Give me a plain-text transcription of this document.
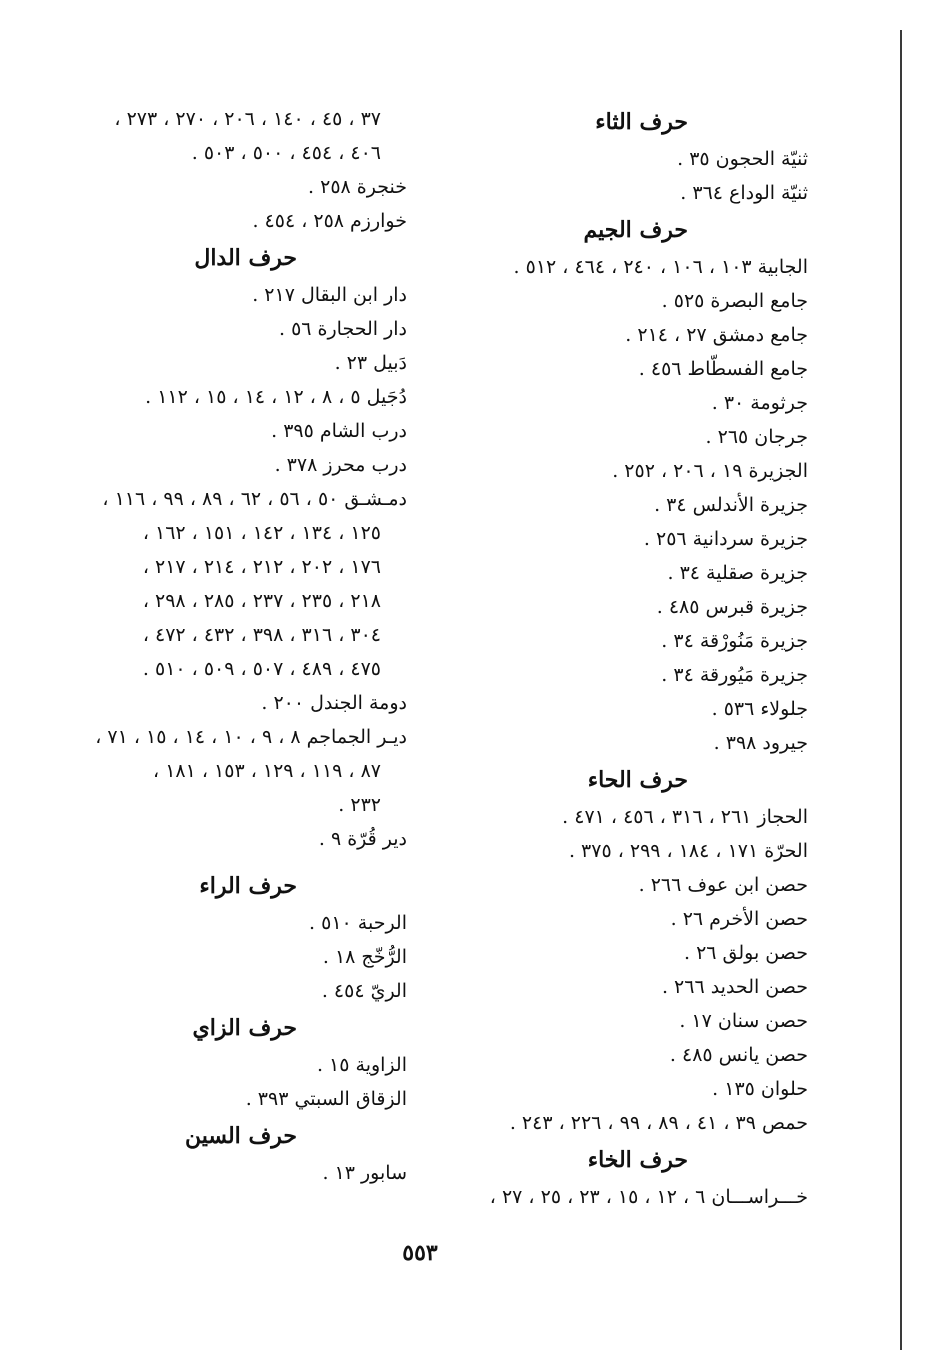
حرف الثاء
ثنيّة الحجون ٣٥ .
ثنيّة الوداع ٣٦٤ .
حرف الجيم
الجابية ١٠٣ ، ١٠٦ ، ٢٤٠ ، ٤٦٤ ، ٥١٢ .
جامع البصرة ٥٢٥ .
جامع دمشق ٢٧ ، ٢١٤ .
جامع الفسطّاط ٤٥٦ .
جرثومة ٣٠ .
جرجان ٢٦٥ .
الجزيرة ١٩ ، ٢٠٦ ، ٢٥٢ .
جزيرة الأندلس ٣٤ .
جزيرة سردانية ٢٥٦ .
جزيرة صقلية ٣٤ .
جزيرة قبرس ٤٨٥ .
جزيرة مَنُورْقة ٣٤ .
جزيرة مَيُورقة ٣٤ .
جلولاء ٥٣٦ .
جيرود ٣٩٨ .
حرف الحاء
الحجاز ٢٦١ ، ٣١٦ ، ٤٥٦ ، ٤٧١ .
الحرّة ١٧١ ، ١٨٤ ، ٢٩٩ ، ٣٧٥ .
حصن ابن عوف ٢٦٦ .
حصن الأخرم ٢٦ .
حصن بولق ٢٦ .
حصن الحديد ٢٦٦ .
حصن سنان ١٧ .
حصن يانس ٤٨٥ .
حلوان ١٣٥ .
حمص ٣٩ ، ٤١ ، ٨٩ ، ٩٩ ، ٢٢٦ ، ٢٤٣ .
حرف الخاء
خـــراســـان ٦ ، ١٢ ، ١٥ ، ٢٣ ، ٢٥ ، ٢٧ ،
٣٧ ، ٤٥ ، ١٤٠ ، ٢٠٦ ، ٢٧٠ ، ٢٧٣ ،
٤٠٦ ، ٤٥٤ ، ٥٠٠ ، ٥٠٣ .
خنجرة ٢٥٨ .
خوارزم ٢٥٨ ، ٤٥٤ .
حرف الدال
دار ابن البقال ٢١٧ .
دار الحجارة ٥٦ .
دَبيل ٢٣ .
دُجَيل ٥ ، ٨ ، ١٢ ، ١٤ ، ١٥ ، ١١٢ .
درب الشام ٣٩٥ .
درب محرز ٣٧٨ .
دمـشـق ٥٠ ، ٥٦ ، ٦٢ ، ٨٩ ، ٩٩ ، ١١٦ ،
١٢٥ ، ١٣٤ ، ١٤٢ ، ١٥١ ، ١٦٢ ،
١٧٦ ، ٢٠٢ ، ٢١٢ ، ٢١٤ ، ٢١٧ ،
٢١٨ ، ٢٣٥ ، ٢٣٧ ، ٢٨٥ ، ٢٩٨ ،
٣٠٤ ، ٣١٦ ، ٣٩٨ ، ٤٣٢ ، ٤٧٢ ،
٤٧٥ ، ٤٨٩ ، ٥٠٧ ، ٥٠٩ ، ٥١٠ .
دومة الجندل ٢٠٠ .
ديـر الجماجم ٨ ، ٩ ، ١٠ ، ١٤ ، ١٥ ، ٧١ ،
٨٧ ، ١١٩ ، ١٢٩ ، ١٥٣ ، ١٨١ ،
٢٣٢ .
دير قُرّة ٩ .
حرف الراء
الرحبة ٥١٠ .
الرُّخّج ١٨ .
الريّ ٤٥٤ .
حرف الزاي
الزاوية ١٥ .
الزقاق السبتي ٣٩٣ .
حرف السين
سابور ١٣ .
٥٥٣
